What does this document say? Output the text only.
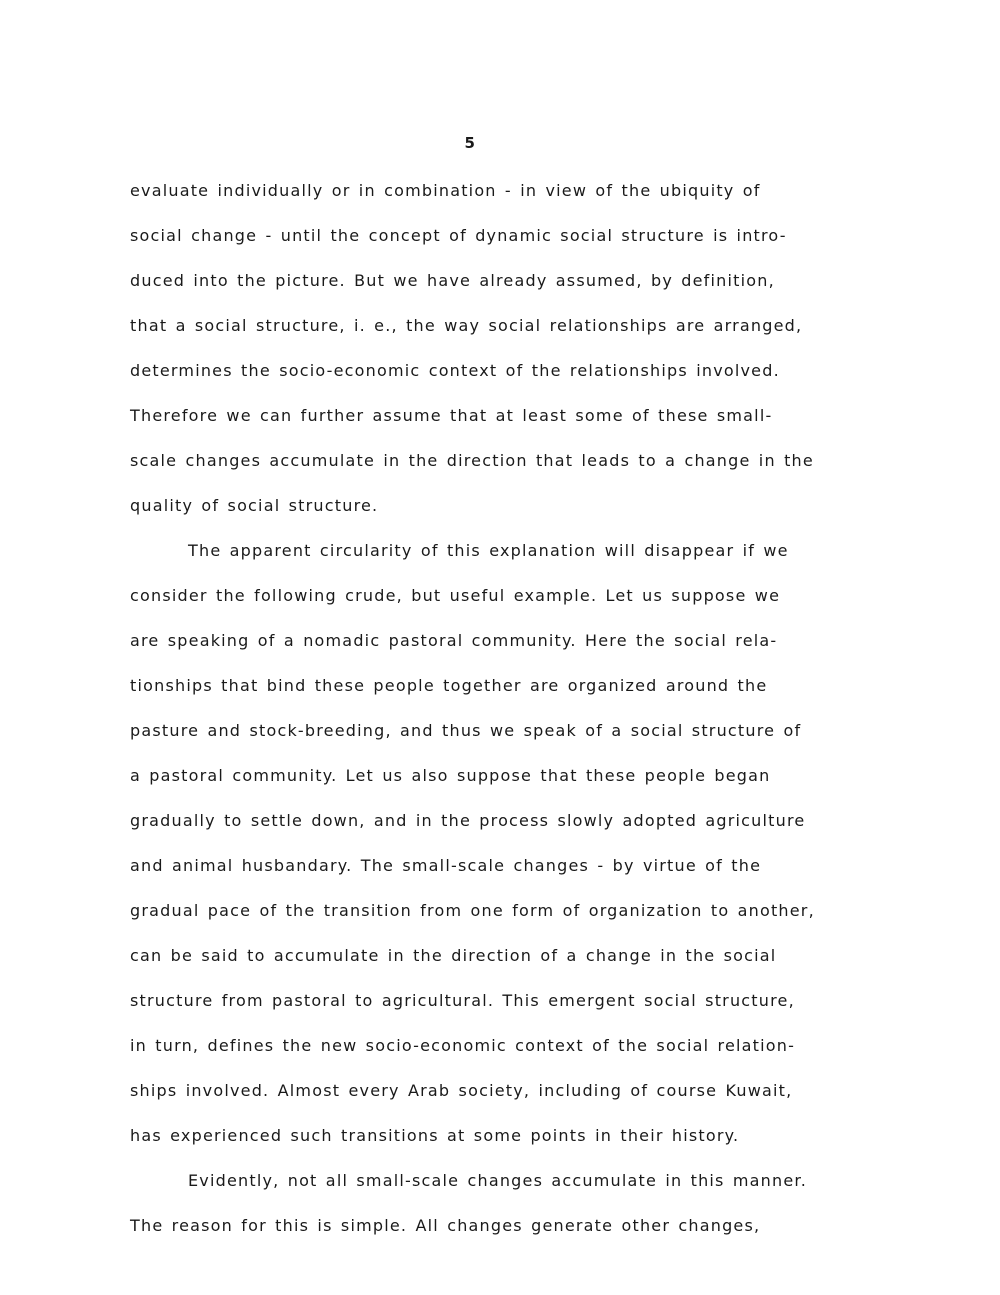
5
evaluate individually or in combination - in view of the ubiquity of
social change - until the concept of dynamic social structure is intro-
duced into the picture. But we have already assumed, by definition,
that a social structure, i. e., the way social relationships are arranged,
determines the socio-economic context of the relationships involved.
Therefore we can further assume that at least some of these small-
scale changes accumulate in the direction that leads to a change in the
quality of social structure.
The apparent circularity of this explanation will disappear if we
consider the following crude, but useful example. Let us suppose we
are speaking of a nomadic pastoral community. Here the social rela-
tionships that bind these people together are organized around the
pasture and stock-breeding, and thus we speak of a social structure of
a pastoral community. Let us also suppose that these people began
gradually to settle down, and in the process slowly adopted agriculture
and animal husbandary. The small-scale changes - by virtue of the
gradual pace of the transition from one form of organization to another,
can be said to accumulate in the direction of a change in the social
structure from pastoral to agricultural. This emergent social structure,
in turn, defines the new socio-economic context of the social relation-
ships involved. Almost every Arab society, including of course Kuwait,
has experienced such transitions at some points in their history.
Evidently, not all small-scale changes accumulate in this manner.
The reason for this is simple. All changes generate other changes,
